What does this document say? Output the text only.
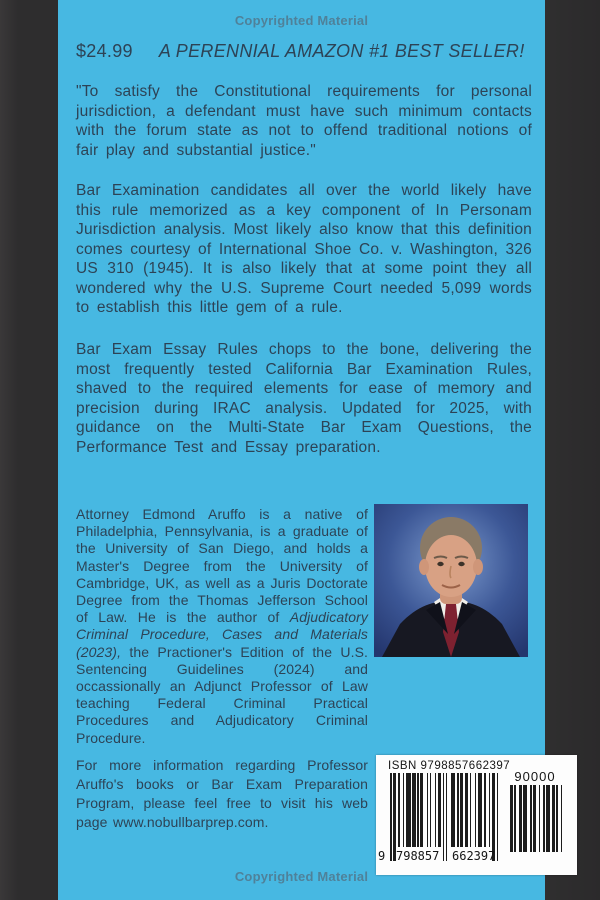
Copyrighted Material
$24.99 A PERENNIAL AMAZON #1 BEST SELLER!
"To satisfy the Constitutional requirements for personal jurisdiction, a defendant must have such minimum contacts with the forum state as not to offend traditional notions of fair play and substantial justice."
Bar Examination candidates all over the world likely have this rule memorized as a key component of In Personam Jurisdiction analysis. Most likely also know that this definition comes courtesy of International Shoe Co. v. Washington, 326 US 310 (1945). It is also likely that at some point they all wondered why the U.S. Supreme Court needed 5,099 words to establish this little gem of a rule.
Bar Exam Essay Rules chops to the bone, delivering the most frequently tested California Bar Examination Rules, shaved to the required elements for ease of memory and precision during IRAC analysis. Updated for 2025, with guidance on the Multi-State Bar Exam Questions, the Performance Test and Essay preparation.
Attorney Edmond Aruffo is a native of Philadelphia, Pennsylvania, is a graduate of the University of San Diego, and holds a Master's Degree from the University of Cambridge, UK, as well as a Juris Doctorate Degree from the Thomas Jefferson School of Law. He is the author of Adjudicatory Criminal Procedure, Cases and Materials (2023), the Practioner's Edition of the U.S. Sentencing Guidelines (2024) and occassionally an Adjunct Professor of Law teaching Federal Criminal Practical Procedures and Adjudicatory Criminal Procedure.
For more information regarding Professor Aruffo's books or Bar Exam Preparation Program, please feel free to visit his web page www.nobullbarprep.com.
ISBN 9798857662397
90000
9 798857 662397
Copyrighted Material
